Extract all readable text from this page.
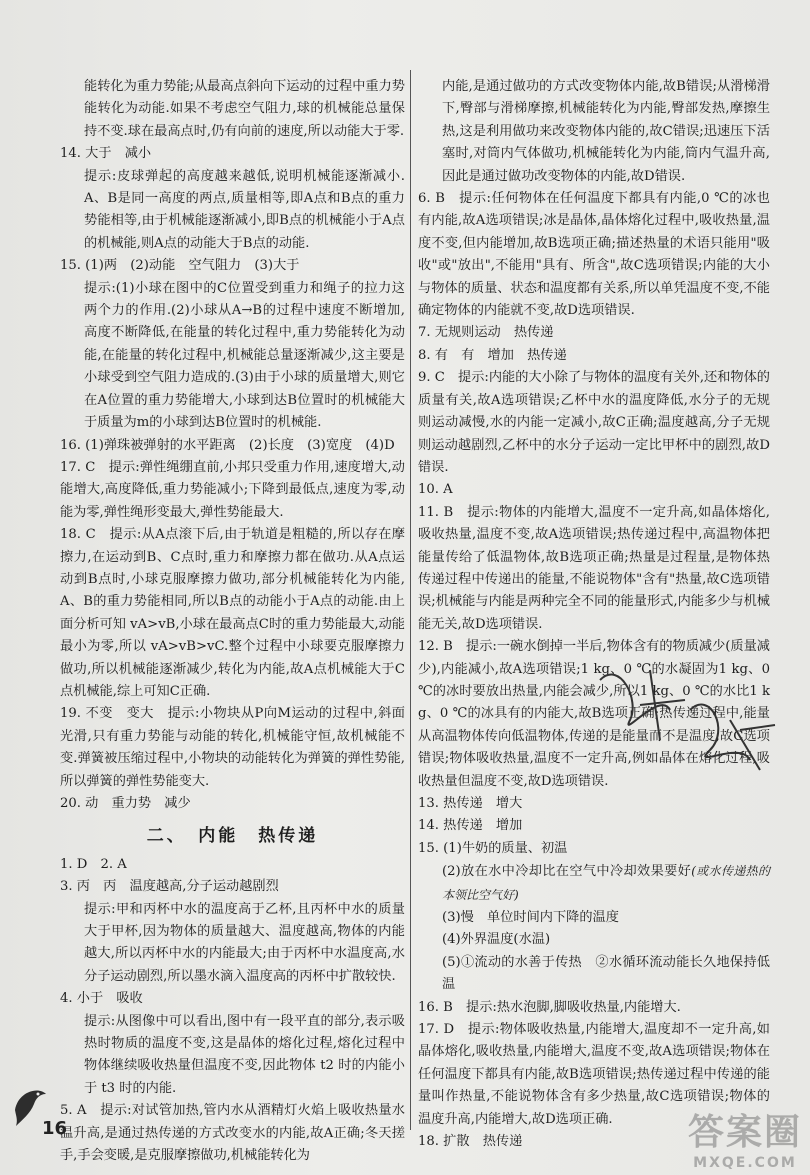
能转化为重力势能;从最高点斜向下运动的过程中重力势能转化为动能.如果不考虑空气阻力,球的机械能总量保持不变.球在最高点时,仍有向前的速度,所以动能大于零.

14. 大于　减小

提示:皮球弹起的高度越来越低,说明机械能逐渐减小. A、B是同一高度的两点,质量相等,即A点和B点的重力势能相等,由于机械能逐渐减小,即B点的机械能小于A点的机械能,则A点的动能大于B点的动能.

15. (1)两　(2)动能　空气阻力　(3)大于

提示:(1)小球在图中的C位置受到重力和绳子的拉力这两个力的作用.(2)小球从A→B的过程中速度不断增加,高度不断降低,在能量的转化过程中,重力势能转化为动能,在能量的转化过程中,机械能总量逐渐减少,这主要是小球受到空气阻力造成的.(3)由于小球的质量增大,则它在A位置的重力势能增大,小球到达B位置时的机械能大于质量为m的小球到达B位置时的机械能.

16. (1)弹珠被弹射的水平距离　(2)长度　(3)宽度　(4)D

17. C　提示:弹性绳绷直前,小邦只受重力作用,速度增大,动能增大,高度降低,重力势能减小;下降到最低点,速度为零,动能为零,弹性绳形变最大,弹性势能最大.

18. C　提示:从A点滚下后,由于轨道是粗糙的,所以存在摩擦力,在运动到B、C点时,重力和摩擦力都在做功.从A点运动到B点时,小球克服摩擦力做功,部分机械能转化为内能,A、B的重力势能相同,所以B点的动能小于A点的动能.由上面分析可知 vA>vB,小球在最高点C时的重力势能最大,动能最小为零,所以 vA>vB>vC.整个过程中小球要克服摩擦力做功,所以机械能逐渐减少,转化为内能,故A点机械能大于C点机械能,综上可知C正确.

19. 不变　变大　提示:小物块从P向M运动的过程中,斜面光滑,只有重力势能与动能的转化,机械能守恒,故机械能不变.弹簧被压缩过程中,小物块的动能转化为弹簧的弹性势能,所以弹簧的弹性势能变大.

20. 动　重力势　减少

二、　内能　热传递

1. D　2. A

3. 丙　丙　温度越高,分子运动越剧烈

提示:甲和丙杯中水的温度高于乙杯,且丙杯中水的质量大于甲杯,因为物体的质量越大、温度越高,物体的内能越大,所以丙杯中水的内能最大;由于丙杯中水温度高,水分子运动剧烈,所以墨水滴入温度高的丙杯中扩散较快.

4. 小于　吸收

提示:从图像中可以看出,图中有一段平直的部分,表示吸热时物质的温度不变,这是晶体的熔化过程,熔化过程中物体继续吸收热量但温度不变,因此物体 t2 时的内能小于 t3 时的内能.

5. A　提示:对试管加热,管内水从酒精灯火焰上吸收热量水温升高,是通过热传递的方式改变水的内能,故A正确;冬天搓手,手会变暖,是克服摩擦做功,机械能转化为

内能,是通过做功的方式改变物体内能,故B错误;从滑梯滑下,臀部与滑梯摩擦,机械能转化为内能,臀部发热,摩擦生热,这是利用做功来改变物体内能的,故C错误;迅速压下活塞时,对筒内气体做功,机械能转化为内能,筒内气温升高,因此是通过做功改变物体的内能,故D错误.

6. B　提示:任何物体在任何温度下都具有内能,0 ℃的冰也有内能,故A选项错误;冰是晶体,晶体熔化过程中,吸收热量,温度不变,但内能增加,故B选项正确;描述热量的术语只能用"吸收"或"放出",不能用"具有、所含",故C选项错误;内能的大小与物体的质量、状态和温度都有关系,所以单凭温度不变,不能确定物体的内能就不变,故D选项错误.

7. 无规则运动　热传递

8. 有　有　增加　热传递

9. C　提示:内能的大小除了与物体的温度有关外,还和物体的质量有关,故A选项错误;乙杯中水的温度降低,水分子的无规则运动减慢,水的内能一定减小,故C正确;温度越高,分子无规则运动越剧烈,乙杯中的水分子运动一定比甲杯中的剧烈,故D错误.

10. A

11. B　提示:物体的内能增大,温度不一定升高,如晶体熔化,吸收热量,温度不变,故A选项错误;热传递过程中,高温物体把能量传给了低温物体,故B选项正确;热量是过程量,是物体热传递过程中传递出的能量,不能说物体"含有"热量,故C选项错误;机械能与内能是两种完全不同的能量形式,内能多少与机械能无关,故D选项错误.

12. B　提示:一碗水倒掉一半后,物体含有的物质减少(质量减少),内能减小,故A选项错误;1 kg、0 ℃的水凝固为1 kg、0 ℃的冰时要放出热量,内能会减少,所以1 kg、0 ℃的水比1 kg、0 ℃的冰具有的内能大,故B选项正确;热传递过程中,能量从高温物体传向低温物体,传递的是能量而不是温度,故C选项错误;物体吸收热量,温度不一定升高,例如晶体在熔化过程,吸收热量但温度不变,故D选项错误.

13. 热传递　增大

14. 热传递　增加

15. (1)牛奶的质量、初温

(2)放在水中冷却比在空气中冷却效果要好(或水传递热的本领比空气好)

(3)慢　单位时间内下降的温度

(4)外界温度(水温)

(5)①流动的水善于传热　②水循环流动能长久地保持低温

16. B　提示:热水泡脚,脚吸收热量,内能增大.

17. D　提示:物体吸收热量,内能增大,温度却不一定升高,如晶体熔化,吸收热量,内能增大,温度不变,故A选项错误;物体在任何温度下都具有内能,故B选项错误;热传递过程中传递的能量叫作热量,不能说物体含有多少热量,故C选项错误;物体的温度升高,内能增大,故D选项正确.

18. 扩散　热传递

16	答案圈
MXQE.COM
